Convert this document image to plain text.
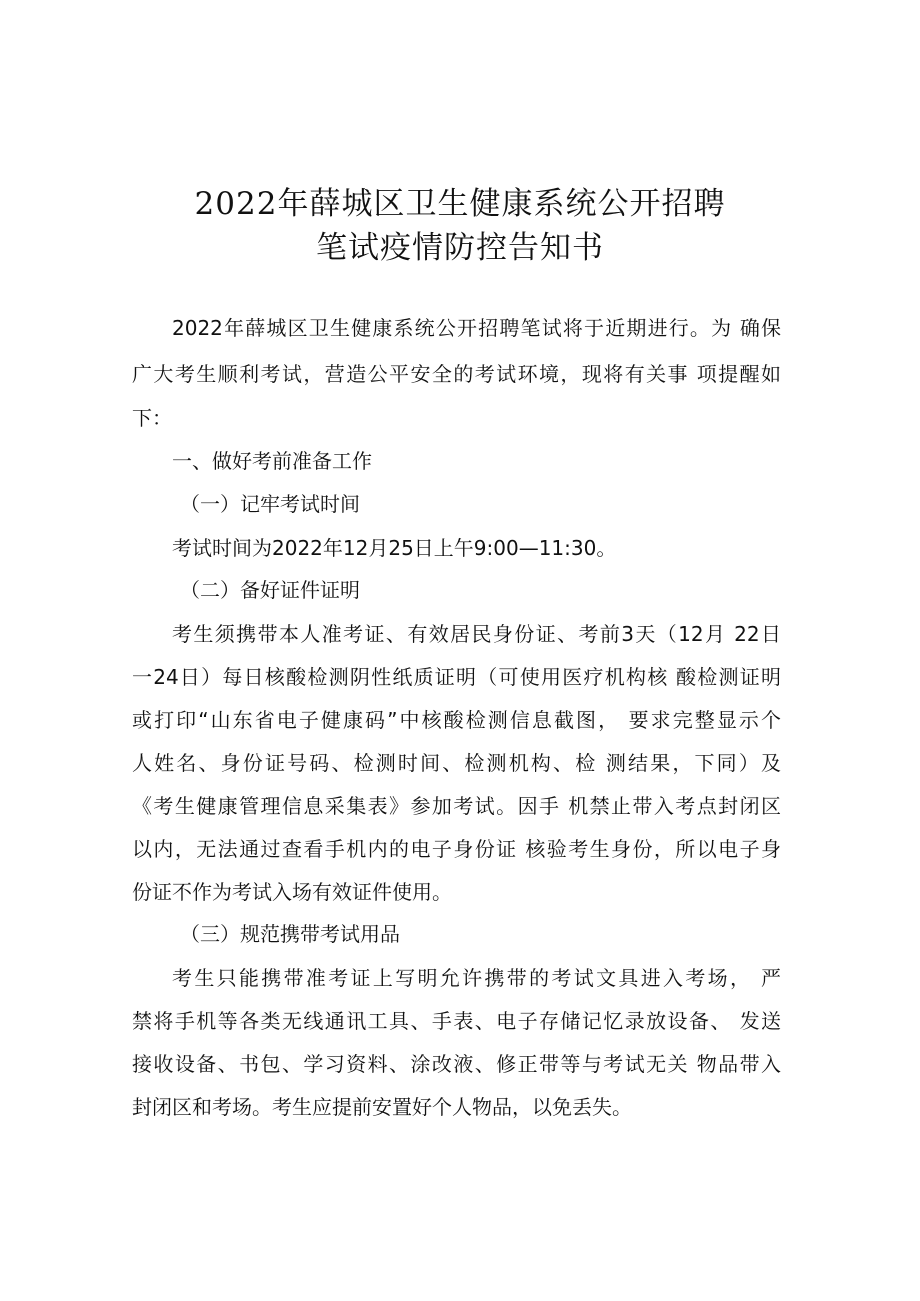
2022年薛城区卫生健康系统公开招聘
笔试疫情防控告知书
2022年薛城区卫生健康系统公开招聘笔试将于近期进行。为 确保
广大考生顺利考试，营造公平安全的考试环境，现将有关事 项提醒如
下：
一、做好考前准备工作
（一）记牢考试时间
考试时间为2022年12月25日上午9:00—11:30。
（二）备好证件证明
考生须携带本人准考证、有效居民身份证、考前3天（12月 22日
一24日）每日核酸检测阴性纸质证明（可使用医疗机构核 酸检测证明
或打印“山东省电子健康码”中核酸检测信息截图， 要求完整显示个
人姓名、身份证号码、检测时间、检测机构、检 测结果，下同）及
《考生健康管理信息采集表》参加考试。因手 机禁止带入考点封闭区
以内，无法通过查看手机内的电子身份证 核验考生身份，所以电子身
份证不作为考试入场有效证件使用。
（三）规范携带考试用品
考生只能携带准考证上写明允许携带的考试文具进入考场， 严
禁将手机等各类无线通讯工具、手表、电子存储记忆录放设备、 发送
接收设备、书包、学习资料、涂改液、修正带等与考试无关 物品带入
封闭区和考场。考生应提前安置好个人物品，以免丢失。
